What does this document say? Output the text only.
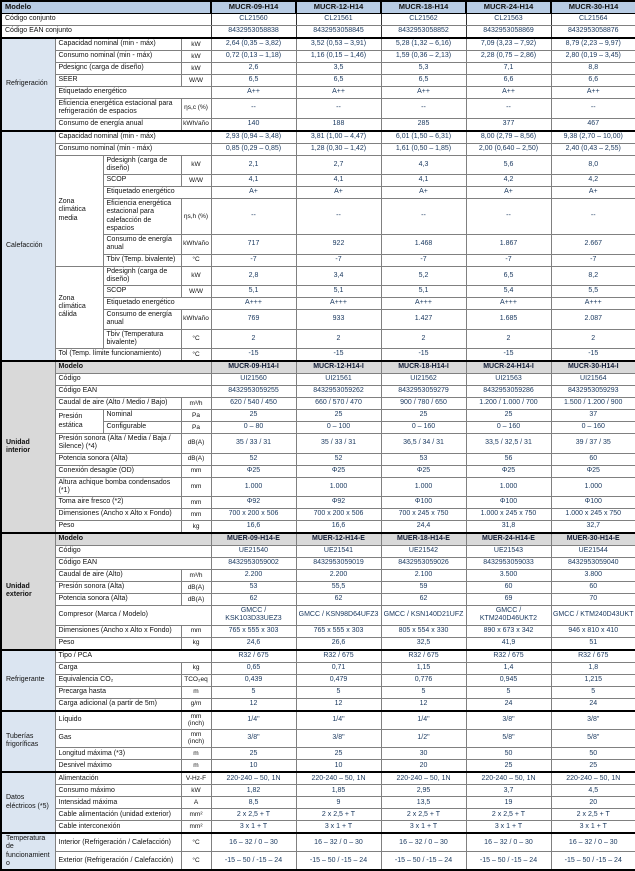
Modelo				MUCR-09-H14	MUCR-12-H14	MUCR-18-H14	MUCR-24-H14	MUCR-30-H14
Código conjunto				CL21560	CL21561	CL21562	CL21563	CL21564
Código EAN conjunto				8432953058838	8432953058845	8432953058852	8432953058869	8432953058876
Refrigeración	Capacidad nominal (min - máx)		kW	2,64 (0,35 – 3,82)	3,52 (0,53 – 3,91)	5,28 (1,32 – 6,16)	7,09 (3,23 – 7,92)	8,79 (2,23 – 9,97)
	Consumo nominal (min - máx)		kW	0,72 (0,13 – 1,18)	1,16 (0,15 – 1,46)	1,59 (0,36 – 2,13)	2,28 (0,75 – 2,86)	2,80 (0,19 – 3,45)
	Pdesignc (carga de diseño)		kW	2,6	3,5	5,3	7,1	8,8
	SEER		W/W	6,5	6,5	6,5	6,6	6,6
	Etiquetado energético			A++	A++	A++	A++	A++
	Eficiencia energética estacional para refrigeración de espacios		ηs,c (%)	--	--	--	--	--
	Consumo de energía anual		kWh/año	140	188	285	377	467
Calefacción	Capacidad nominal (min - máx)			2,93 (0,94 – 3,48)	3,81 (1,00 – 4,47)	6,01 (1,50 – 6,31)	8,00 (2,79 – 8,56)	9,38 (2,70 – 10,00)
	Consumo nominal (min - máx)			0,85 (0,29 – 0,85)	1,28 (0,30 – 1,42)	1,61 (0,50 – 1,85)	2,00 (0,640 – 2,50)	2,40 (0,43 – 2,55)
	Zona climática media	Pdesignh (carga de diseño)	kW	2,1	2,7	4,3	5,6	8,0
		SCOP	W/W	4,1	4,1	4,1	4,2	4,2
		Etiquetado energético		A+	A+	A+	A+	A+
		Eficiencia energética estacional para calefacción de espacios	ηs,h (%)	--	--	--	--	--
		Consumo de energía anual	kWh/año	717	922	1.468	1.867	2.667
		Tbiv (Temp. bivalente)	°C	-7	-7	-7	-7	-7
	Zona climática cálida	Pdesignh (carga de diseño)	kW	2,8	3,4	5,2	6,5	8,2
		SCOP	W/W	5,1	5,1	5,1	5,4	5,5
		Etiquetado energético		A+++	A+++	A+++	A+++	A+++
		Consumo de energía anual	kWh/año	769	933	1.427	1.685	2.087
		Tbiv (Temperatura bivalente)	°C	2	2	2	2	2
	Tol (Temp. límite funcionamiento)		°C	-15	-15	-15	-15	-15
Unidad interior	Modelo			MUCR-09-H14-I	MUCR-12-H14-I	MUCR-18-H14-I	MUCR-24-H14-I	MUCR-30-H14-I
	Código			UI21560	UI21561	UI21562	UI21563	UI21564
	Código EAN			8432953059255	8432953059262	8432953059279	8432953059286	8432953059293
	Caudal de aire (Alto / Medio / Bajo)		m³/h	620 / 540 / 450	660 / 570 / 470	900 / 780 / 650	1.200 / 1.000 / 700	1.500 / 1.200 / 900
	Presión estática	Nominal	Pa	25	25	25	25	37
		Configurable	Pa	0 – 80	0 – 100	0 – 160	0 – 160	0 – 160
	Presión sonora (Alta / Media / Baja / Silence) (*4)		dB(A)	35 / 33 / 31	35 / 33 / 31	36,5 / 34 / 31	33,5 / 32,5 / 31	39 / 37 / 35
	Potencia sonora (Alta)		dB(A)	52	52	53	56	60
	Conexión desagüe (OD)		mm	Φ25	Φ25	Φ25	Φ25	Φ25
	Altura achique bomba condensados (*1)		mm	1.000	1.000	1.000	1.000	1.000
	Toma aire fresco (*2)		mm	Φ92	Φ92	Φ100	Φ100	Φ100
	Dimensiones (Ancho x Alto x Fondo)		mm	700 x 200 x 506	700 x 200 x 506	700 x 245 x 750	1.000 x 245 x 750	1.000 x 245 x 750
	Peso		kg	16,6	16,6	24,4	31,8	32,7
Unidad exterior	Modelo			MUER-09-H14-E	MUER-12-H14-E	MUER-18-H14-E	MUER-24-H14-E	MUER-30-H14-E
	Código			UE21540	UE21541	UE21542	UE21543	UE21544
	Código EAN			8432953059002	8432953059019	8432953059026	8432953059033	8432953059040
	Caudal de aire (Alto)		m³/h	2.200	2.200	2.100	3.500	3.800
	Presión sonora (Alta)		dB(A)	53	55,5	59	60	60
	Potencia sonora (Alta)		dB(A)	62	62	62	69	70
	Compresor (Marca / Modelo)			GMCC / KSK103D33UEZ3	GMCC / KSN98D64UFZ3	GMCC / KSN140D21UFZ	GMCC / KTM240D46UKT2	GMCC / KTM240D43UKT
	Dimensiones (Ancho x Alto x Fondo)		mm	765 x 555 x 303	765 x 555 x 303	805 x 554 x 330	890 x 673 x 342	946 x 810 x 410
	Peso		kg	24,6	26,6	32,5	41,9	51
Refrigerante	Tipo / PCA			R32 / 675	R32 / 675	R32 / 675	R32 / 675	R32 / 675
	Carga		kg	0,65	0,71	1,15	1,4	1,8
	Equivalencia CO₂		TCO₂eq	0,439	0,479	0,776	0,945	1,215
	Precarga hasta		m	5	5	5	5	5
	Carga adicional (a partir de 5m)		g/m	12	12	12	24	24
Tuberías frigoríficas	Líquido		mm (inch)	1/4"	1/4"	1/4"	3/8"	3/8"
	Gas		mm (inch)	3/8"	3/8"	1/2"	5/8"	5/8"
	Longitud máxima (*3)		m	25	25	30	50	50
	Desnivel máximo		m	10	10	20	25	25
Datos eléctricos (*5)	Alimentación		V-Hz-F	220-240 – 50, 1N	220-240 – 50, 1N	220-240 – 50, 1N	220-240 – 50, 1N	220-240 – 50, 1N
	Consumo máximo		kW	1,82	1,85	2,95	3,7	4,5
	Intensidad máxima		A	8,5	9	13,5	19	20
	Cable alimentación (unidad exterior)		mm²	2 x 2,5 + T	2 x 2,5 + T	2 x 2,5 + T	2 x 2,5 + T	2 x 2,5 + T
	Cable interconexión		mm²	3 x 1 + T	3 x 1 + T	3 x 1 + T	3 x 1 + T	3 x 1 + T
Temperatura de funcionamiento	Interior (Refrigeración / Calefacción)		°C	16 – 32 / 0 – 30	16 – 32 / 0 – 30	16 – 32 / 0 – 30	16 – 32 / 0 – 30	16 – 32 / 0 – 30
	Exterior (Refrigeración / Calefacción)		°C	-15 – 50 / -15 – 24	-15 – 50 / -15 – 24	-15 – 50 / -15 – 24	-15 – 50 / -15 – 24	-15 – 50 / -15 – 24
